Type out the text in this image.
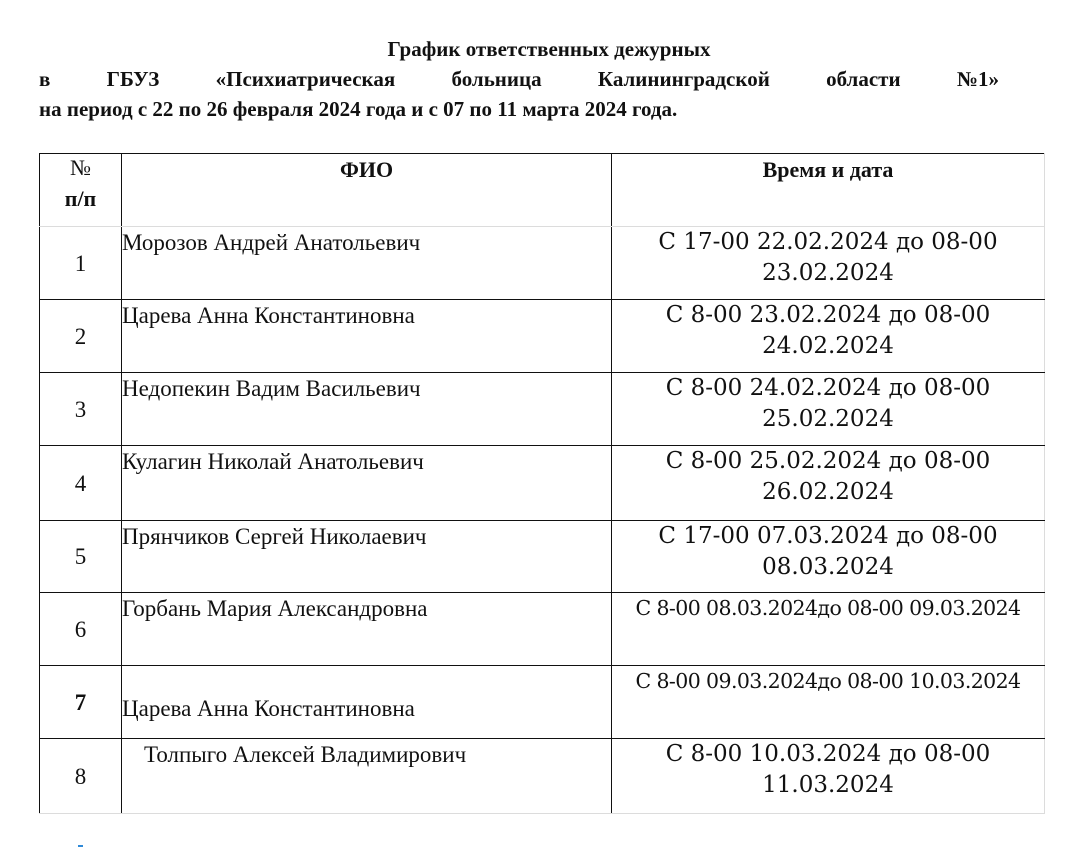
График ответственных дежурных
в	ГБУЗ	«Психиатрическая	больница	Калининградской	области	№1»
на период с 22 по 26 февраля 2024 года и с 07 по 11 марта 2024 года.
№
п/п	ФИО	Время и дата
1	Морозов Андрей Анатольевич	С 17-00 22.02.2024 до 08-00 23.02.2024
2	Царева Анна Константиновна	С 8-00 23.02.2024 до 08-00 24.02.2024
3	Недопекин Вадим Васильевич	С 8-00 24.02.2024 до 08-00 25.02.2024
4	Кулагин Николай Анатольевич	С 8-00 25.02.2024 до 08-00 26.02.2024
5	Прянчиков Сергей Николаевич	С 17-00 07.03.2024 до 08-00 08.03.2024
6	Горбань Мария Александровна	С 8-00 08.03.2024до 08-00 09.03.2024
7	Царева Анна Константиновна	С 8-00 09.03.2024до 08-00 10.03.2024
8	Толпыго Алексей Владимирович	С 8-00 10.03.2024 до 08-00 11.03.2024
